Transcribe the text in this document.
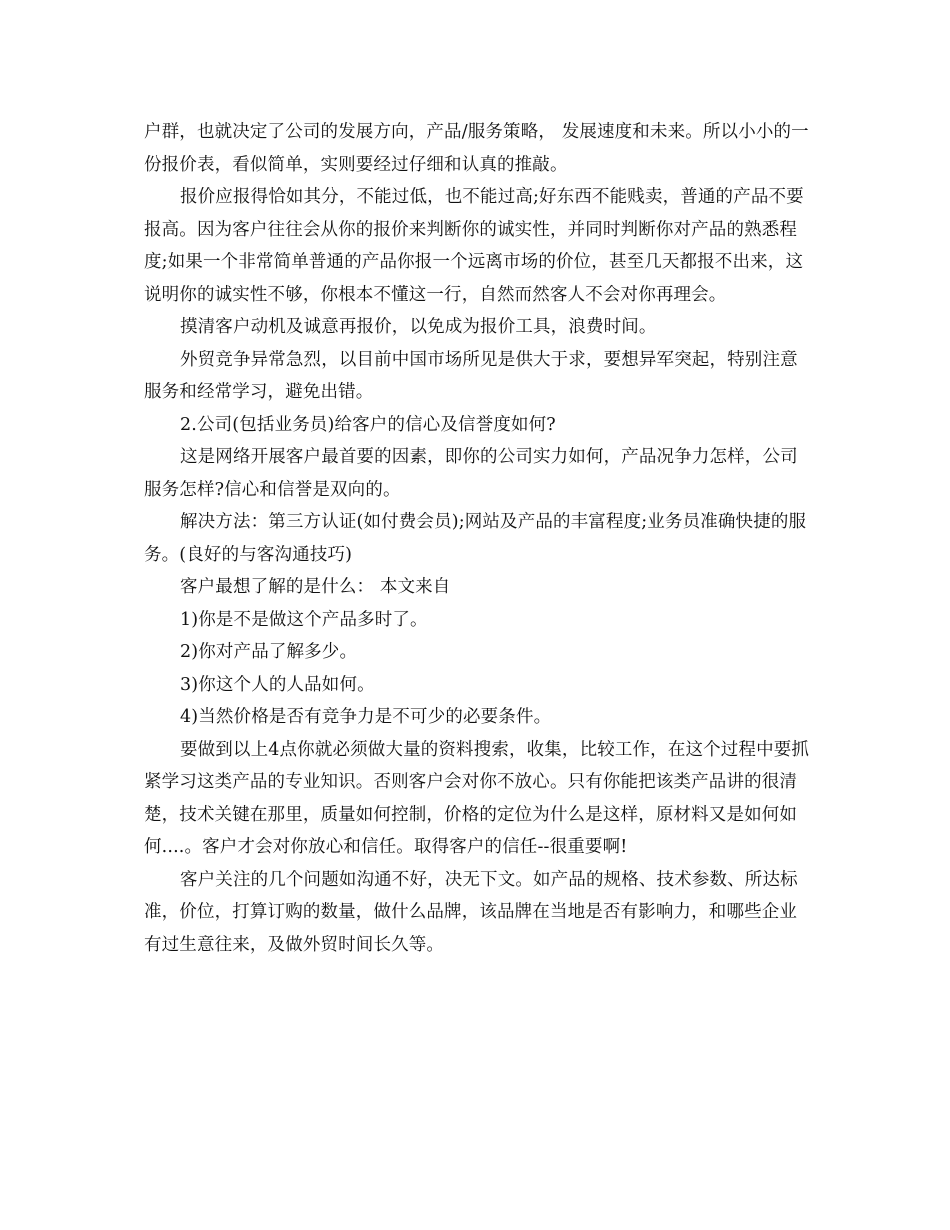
户群，也就决定了公司的发展方向，产品/服务策略， 发展速度和未来。所以小小的一份报价表，看似简单，实则要经过仔细和认真的推敲。

报价应报得恰如其分，不能过低，也不能过高;好东西不能贱卖，普通的产品不要报高。因为客户往往会从你的报价来判断你的诚实性，并同时判断你对产品的熟悉程度;如果一个非常简单普通的产品你报一个远离市场的价位，甚至几天都报不出来，这说明你的诚实性不够，你根本不懂这一行，自然而然客人不会对你再理会。

摸清客户动机及诚意再报价，以免成为报价工具，浪费时间。

外贸竞争异常急烈，以目前中国市场所见是供大于求，要想异军突起，特别注意服务和经常学习，避免出错。

2.公司(包括业务员)给客户的信心及信誉度如何?

这是网络开展客户最首要的因素，即你的公司实力如何，产品况争力怎样，公司服务怎样?信心和信誉是双向的。

解决方法：第三方认证(如付费会员);网站及产品的丰富程度;业务员准确快捷的服务。(良好的与客沟通技巧)

客户最想了解的是什么： 本文来自

1)你是不是做这个产品多时了。

2)你对产品了解多少。

3)你这个人的人品如何。

4)当然价格是否有竞争力是不可少的必要条件。

要做到以上4点你就必须做大量的资料搜索，收集，比较工作，在这个过程中要抓紧学习这类产品的专业知识。否则客户会对你不放心。只有你能把该类产品讲的很清楚，技术关键在那里，质量如何控制，价格的定位为什么是这样，原材料又是如何如何....。客户才会对你放心和信任。取得客户的信任--很重要啊!

客户关注的几个问题如沟通不好，决无下文。如产品的规格、技术参数、所达标准，价位，打算订购的数量，做什么品牌，该品牌在当地是否有影响力，和哪些企业有过生意往来，及做外贸时间长久等。
